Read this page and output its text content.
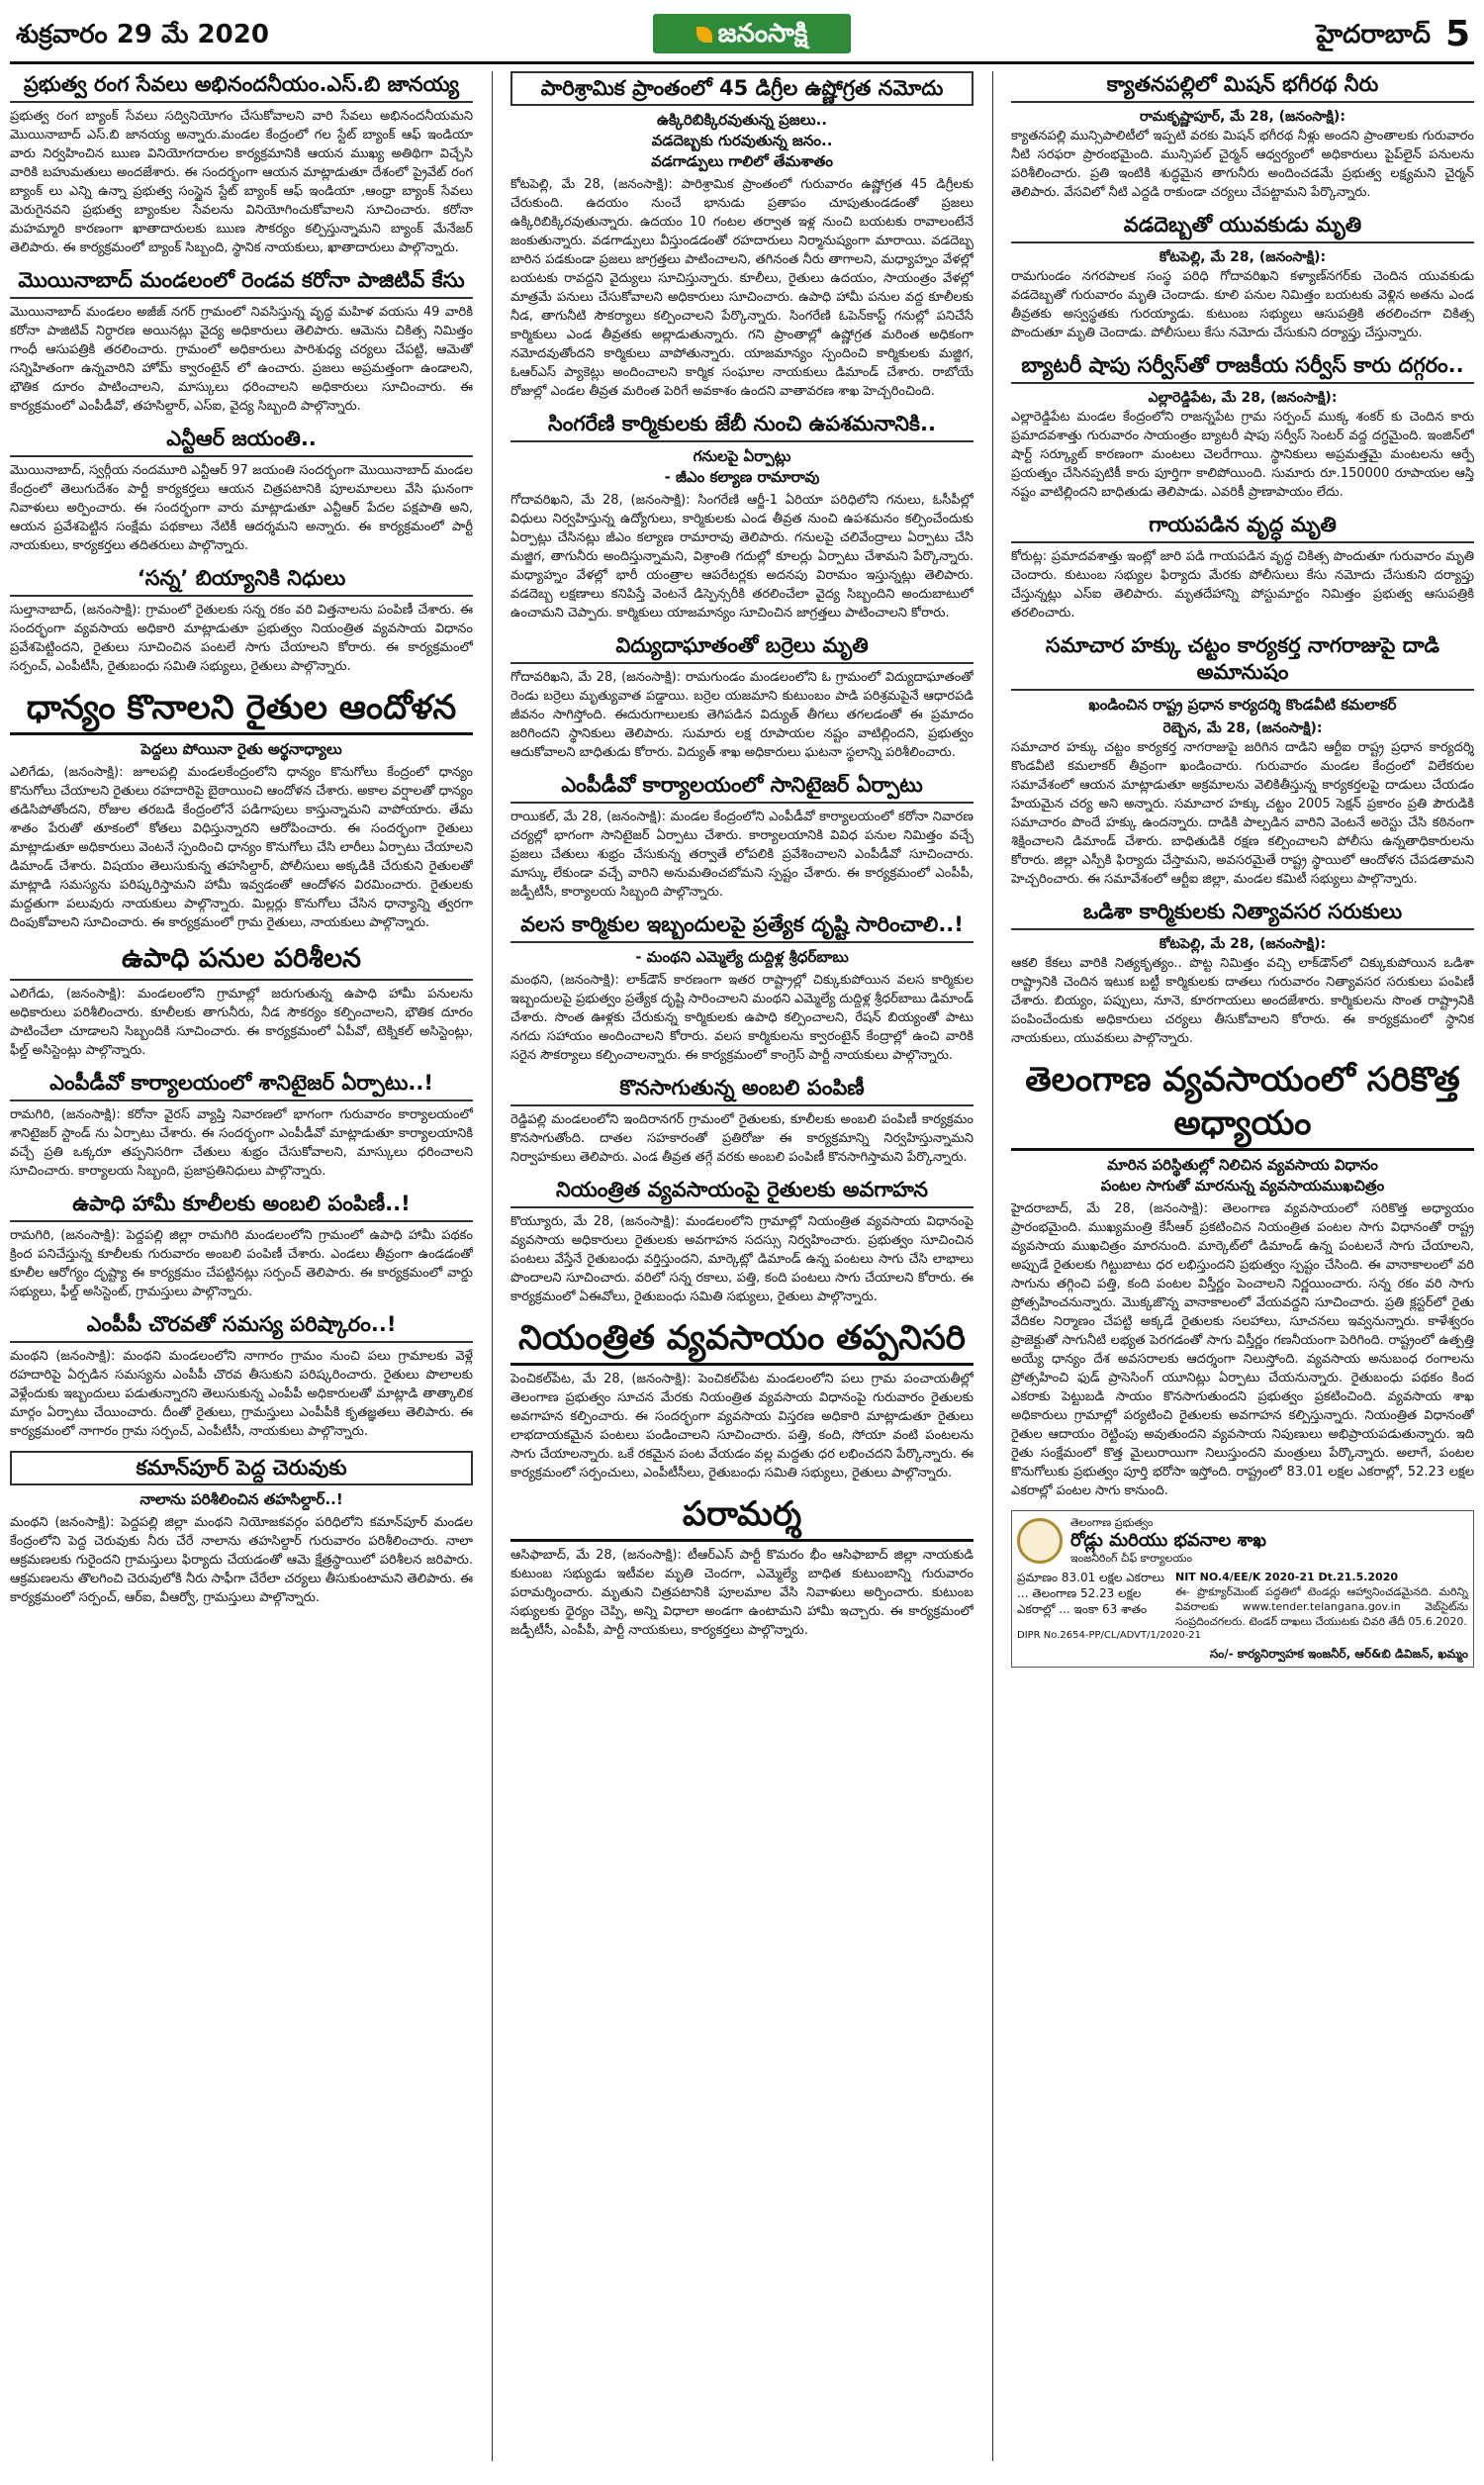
శుక్రవారం 29 మే 2020	జనంసాక్షి	హైదరాబాద్ 5
ప్రభుత్వ రంగ సేవలు అభినందనీయం.ఎస్‌.బి జానయ్య
ప్రభుత్వ రంగ బ్యాంక్ సేవలు సద్వినియోగం చేసుకోవాలని వారి సేవలు అభినందనీయమని మొయినాబాద్ ఎస్.బి జానయ్య అన్నారు.మండల కేంద్రంలో గల స్టేట్ బ్యాంక్ ఆఫ్ ఇండియా వారు నిర్వహించిన ఋణ వినియోగదారుల కార్యక్రమానికి ఆయన ముఖ్య అతిథిగా విచ్చేసి వారికి బహుమతులు అందజేశారు. ఈ సందర్భంగా ఆయన మాట్లాడుతూ దేశంలో ప్రైవేట్ రంగ బ్యాంక్ లు ఎన్ని ఉన్నా ప్రభుత్వ సంస్థైన స్టేట్ బ్యాంక్ ఆఫ్ ఇండియా ,ఆంధ్రా బ్యాంక్ సేవలు మెరుగైనవని ప్రభుత్వ బ్యాంకుల సేవలను వినియోగించుకోవాలని సూచించారు. కరోనా మహమ్మారి కారణంగా ఖాతాదారులకు ఋణ సౌకర్యం కల్పిస్తున్నామని బ్యాంక్ మేనేజర్ తెలిపారు. ఈ కార్యక్రమంలో బ్యాంక్ సిబ్బంది, స్థానిక నాయకులు, ఖాతాదారులు పాల్గొన్నారు.
మొయినాబాద్ మండలంలో రెండవ కరోనా పాజిటివ్ కేసు
మొయినాబాద్ మండలం అజీజ్ నగర్ గ్రామంలో నివసిస్తున్న వృద్ధ మహిళ వయసు 49 వారికి కరోనా పాజిటివ్ నిర్ధారణ అయినట్లు వైద్య అధికారులు తెలిపారు. ఆమెను చికిత్స నిమిత్తం గాంధీ ఆసుపత్రికి తరలించారు. గ్రామంలో అధికారులు పారిశుధ్య చర్యలు చేపట్టి, ఆమెతో సన్నిహితంగా ఉన్నవారిని హోమ్ క్వారంటైన్ లో ఉంచారు. ప్రజలు అప్రమత్తంగా ఉండాలని, భౌతిక దూరం పాటించాలని, మాస్కులు ధరించాలని అధికారులు సూచించారు. ఈ కార్యక్రమంలో ఎంపీడీవో, తహసిల్దార్, ఎస్ఐ, వైద్య సిబ్బంది పాల్గొన్నారు.
ఎన్టీఆర్ జయంతి..
మొయినాబాద్, స్వర్గీయ నందమూరి ఎన్టీఆర్ 97 జయంతి సందర్భంగా మొయినాబాద్ మండల కేంద్రంలో తెలుగుదేశం పార్టీ కార్యకర్తలు ఆయన చిత్రపటానికి పూలమాలలు వేసి ఘనంగా నివాళులు అర్పించారు. ఈ సందర్భంగా వారు మాట్లాడుతూ ఎన్టీఆర్ పేదల పక్షపాతి అని, ఆయన ప్రవేశపెట్టిన సంక్షేమ పథకాలు నేటికీ ఆదర్శమని అన్నారు. ఈ కార్యక్రమంలో పార్టీ నాయకులు, కార్యకర్తలు తదితరులు పాల్గొన్నారు.
‘సన్న’ బియ్యానికి నిధులు
సుల్తానాబాద్, (జనంసాక్షి): గ్రామంలో రైతులకు సన్న రకం వరి విత్తనాలను పంపిణీ చేశారు. ఈ సందర్భంగా వ్యవసాయ అధికారి మాట్లాడుతూ ప్రభుత్వం నియంత్రిత వ్యవసాయ విధానం ప్రవేశపెట్టిందని, రైతులు సూచించిన పంటలే సాగు చేయాలని కోరారు. ఈ కార్యక్రమంలో సర్పంచ్, ఎంపీటీసీ, రైతుబంధు సమితి సభ్యులు, రైతులు పాల్గొన్నారు.
ధాన్యం కొనాలని రైతుల ఆందోళన
పెద్దలు పోయినా రైతు అర్థనాధ్యాలు
ఎలిగేడు, (జనంసాక్షి): జూలపల్లి మండలకేంద్రంలోని ధాన్యం కొనుగోలు కేంద్రంలో ధాన్యం కొనుగోలు చేయాలని రైతులు రహదారిపై బైఠాయించి ఆందోళన చేశారు. అకాల వర్షాలతో ధాన్యం తడిసిపోతోందని, రోజుల తరబడి కేంద్రంలోనే పడిగాపులు కాస్తున్నామని వాపోయారు. తేమ శాతం పేరుతో తూకంలో కోతలు విధిస్తున్నారని ఆరోపించారు. ఈ సందర్భంగా రైతులు మాట్లాడుతూ అధికారులు వెంటనే స్పందించి ధాన్యం కొనుగోలు చేసి లారీలు ఏర్పాటు చేయాలని డిమాండ్ చేశారు. విషయం తెలుసుకున్న తహసిల్దార్, పోలీసులు అక్కడికి చేరుకుని రైతులతో మాట్లాడి సమస్యను పరిష్కరిస్తామని హామీ ఇవ్వడంతో ఆందోళన విరమించారు. రైతులకు మద్దతుగా పలువురు నాయకులు పాల్గొన్నారు. మిల్లర్లు కొనుగోలు చేసిన ధాన్యాన్ని త్వరగా దింపుకోవాలని సూచించారు. ఈ కార్యక్రమంలో గ్రామ రైతులు, నాయకులు పాల్గొన్నారు.
ఉపాధి పనుల పరిశీలన
ఎలిగేడు, (జనంసాక్షి): మండలంలోని గ్రామాల్లో జరుగుతున్న ఉపాధి హామీ పనులను అధికారులు పరిశీలించారు. కూలీలకు తాగునీరు, నీడ సౌకర్యం కల్పించాలని, భౌతిక దూరం పాటించేలా చూడాలని సిబ్బందికి సూచించారు. ఈ కార్యక్రమంలో ఏపీవో, టెక్నికల్ అసిస్టెంట్లు, ఫీల్డ్ అసిస్టెంట్లు పాల్గొన్నారు.
ఎంపీడీవో కార్యాలయంలో శానిటైజర్ ఏర్పాటు..!
రామగిరి, (జనంసాక్షి): కరోనా వైరస్ వ్యాప్తి నివారణలో భాగంగా గురువారం కార్యాలయంలో శానిటైజర్ స్టాండ్ ను ఏర్పాటు చేశారు. ఈ సందర్భంగా ఎంపీడీవో మాట్లాడుతూ కార్యాలయానికి వచ్చే ప్రతి ఒక్కరూ తప్పనిసరిగా చేతులు శుభ్రం చేసుకోవాలని, మాస్కులు ధరించాలని సూచించారు. కార్యాలయ సిబ్బంది, ప్రజాప్రతినిధులు పాల్గొన్నారు.
ఉపాధి హామీ కూలీలకు అంబలి పంపిణీ..!
రామగిరి, (జనంసాక్షి): పెద్దపల్లి జిల్లా రామగిరి మండలంలోని గ్రామంలో ఉపాధి హామీ పథకం క్రింద పనిచేస్తున్న కూలీలకు గురువారం అంబలి పంపిణీ చేశారు. ఎండలు తీవ్రంగా ఉండడంతో కూలీల ఆరోగ్యం దృష్ట్యా ఈ కార్యక్రమం చేపట్టినట్లు సర్పంచ్ తెలిపారు. ఈ కార్యక్రమంలో వార్డు సభ్యులు, ఫీల్డ్ అసిస్టెంట్, గ్రామస్తులు పాల్గొన్నారు.
ఎంపీపీ చొరవతో సమస్య పరిష్కారం..!
మంథని (జనంసాక్షి): మంథని మండలంలోని నాగారం గ్రామం నుంచి పలు గ్రామాలకు వెళ్లే రహదారిపై ఏర్పడిన సమస్యను ఎంపీపీ చొరవ తీసుకుని పరిష్కరించారు. రైతులు పొలాలకు వెళ్లేందుకు ఇబ్బందులు పడుతున్నారని తెలుసుకున్న ఎంపీపీ అధికారులతో మాట్లాడి తాత్కాలిక మార్గం ఏర్పాటు చేయించారు. దీంతో రైతులు, గ్రామస్తులు ఎంపీపీకి కృతజ్ఞతలు తెలిపారు. ఈ కార్యక్రమంలో నాగారం గ్రామ సర్పంచ్, ఎంపీటీసీ, నాయకులు పాల్గొన్నారు.
కమాన్‌పూర్ పెద్ద చెరువుకు
నాలాను పరిశీలించిన తహసిల్దార్..!
మంథని (జనంసాక్షి): పెద్దపల్లి జిల్లా మంథని నియోజకవర్గం పరిధిలోని కమాన్‌పూర్ మండల కేంద్రంలోని పెద్ద చెరువుకు నీరు చేరే నాలాను తహసిల్దార్ గురువారం పరిశీలించారు. నాలా ఆక్రమణలకు గురైందని గ్రామస్తులు ఫిర్యాదు చేయడంతో ఆమె క్షేత్రస్థాయిలో పరిశీలన జరిపారు. ఆక్రమణలను తొలగించి చెరువులోకి నీరు సాఫీగా చేరేలా చర్యలు తీసుకుంటామని తెలిపారు. ఈ కార్యక్రమంలో సర్పంచ్, ఆర్ఐ, వీఆర్వో, గ్రామస్తులు పాల్గొన్నారు.
పారిశ్రామిక ప్రాంతంలో 45 డిగ్రీల ఉష్ణోగ్రత నమోదు
ఉక్కిరిబిక్కిరవుతున్న ప్రజలు..
వడదెబ్బకు గురవుతున్న జనం..
వడగాడ్పులు గాలిలో తేమశాతం
కోటపెల్లి, మే 28, (జనంసాక్షి): పారిశ్రామిక ప్రాంతంలో గురువారం ఉష్ణోగ్రత 45 డిగ్రీలకు చేరుకుంది. ఉదయం నుంచే భానుడు ప్రతాపం చూపుతుండడంతో ప్రజలు ఉక్కిరిబిక్కిరవుతున్నారు. ఉదయం 10 గంటల తర్వాత ఇళ్ల నుంచి బయటకు రావాలంటేనే జంకుతున్నారు. వడగాడ్పులు వీస్తుండడంతో రహదారులు నిర్మానుష్యంగా మారాయి. వడదెబ్బ బారిన పడకుండా ప్రజలు జాగ్రత్తలు పాటించాలని, తగినంత నీరు తాగాలని, మధ్యాహ్నం వేళల్లో బయటకు రావద్దని వైద్యులు సూచిస్తున్నారు. కూలీలు, రైతులు ఉదయం, సాయంత్రం వేళల్లో మాత్రమే పనులు చేసుకోవాలని అధికారులు సూచించారు. ఉపాధి హామీ పనుల వద్ద కూలీలకు నీడ, తాగునీటి సౌకర్యాలు కల్పించాలని పేర్కొన్నారు. సింగరేణి ఓపెన్‌కాస్ట్ గనుల్లో పనిచేసే కార్మికులు ఎండ తీవ్రతకు అల్లాడుతున్నారు. గని ప్రాంతాల్లో ఉష్ణోగ్రత మరింత అధికంగా నమోదవుతోందని కార్మికులు వాపోతున్నారు. యాజమాన్యం స్పందించి కార్మికులకు మజ్జిగ, ఓఆర్ఎస్ ప్యాకెట్లు అందించాలని కార్మిక సంఘాల నాయకులు డిమాండ్ చేశారు. రాబోయే రోజుల్లో ఎండల తీవ్రత మరింత పెరిగే అవకాశం ఉందని వాతావరణ శాఖ హెచ్చరించింది.
సింగరేణి కార్మికులకు జేబీ నుంచి ఉపశమనానికి..
గనులపై ఏర్పాట్లు
- జీఎం కల్యాణ రామారావు
గోదావరిఖని, మే 28, (జనంసాక్షి): సింగరేణి ఆర్జీ-1 ఏరియా పరిధిలోని గనులు, ఓసీపీల్లో విధులు నిర్వహిస్తున్న ఉద్యోగులు, కార్మికులకు ఎండ తీవ్రత నుంచి ఉపశమనం కల్పించేందుకు ఏర్పాట్లు చేసినట్లు జీఎం కల్యాణ రామారావు తెలిపారు. గనులపై చలివేంద్రాలు ఏర్పాటు చేసి మజ్జిగ, తాగునీరు అందిస్తున్నామని, విశ్రాంతి గదుల్లో కూలర్లు ఏర్పాటు చేశామని పేర్కొన్నారు. మధ్యాహ్నం వేళల్లో భారీ యంత్రాల ఆపరేటర్లకు అదనపు విరామం ఇస్తున్నట్లు తెలిపారు. వడదెబ్బ లక్షణాలు కనిపిస్తే వెంటనే డిస్పెన్సరీకి తరలించేలా వైద్య సిబ్బందిని అందుబాటులో ఉంచామని చెప్పారు. కార్మికులు యాజమాన్యం సూచించిన జాగ్రత్తలు పాటించాలని కోరారు.
విద్యుదాఘాతంతో బర్రెలు మృతి
గోదావరిఖని, మే 28, (జనంసాక్షి): రామగుండం మండలంలోని ఓ గ్రామంలో విద్యుదాఘాతంతో రెండు బర్రెలు మృత్యువాత పడ్డాయి. బర్రెల యజమాని కుటుంబం పాడి పరిశ్రమపైనే ఆధారపడి జీవనం సాగిస్తోంది. ఈదురుగాలులకు తెగిపడిన విద్యుత్ తీగలు తగలడంతో ఈ ప్రమాదం జరిగిందని స్థానికులు తెలిపారు. సుమారు లక్ష రూపాయల నష్టం వాటిల్లిందని, ప్రభుత్వం ఆదుకోవాలని బాధితుడు కోరారు. విద్యుత్ శాఖ అధికారులు ఘటనా స్థలాన్ని పరిశీలించారు.
ఎంపీడీవో కార్యాలయంలో సానిటైజర్ ఏర్పాటు
రాయికల్, మే 28, (జనంసాక్షి): మండల కేంద్రంలోని ఎంపీడీవో కార్యాలయంలో కరోనా నివారణ చర్యల్లో భాగంగా సానిటైజర్ ఏర్పాటు చేశారు. కార్యాలయానికి వివిధ పనుల నిమిత్తం వచ్చే ప్రజలు చేతులు శుభ్రం చేసుకున్న తర్వాతే లోపలికి ప్రవేశించాలని ఎంపీడీవో సూచించారు. మాస్కు లేకుండా వచ్చే వారిని అనుమతించబోమని స్పష్టం చేశారు. ఈ కార్యక్రమంలో ఎంపీపీ, జడ్పీటీసీ, కార్యాలయ సిబ్బంది పాల్గొన్నారు.
వలస కార్మికుల ఇబ్బందులపై ప్రత్యేక దృష్టి సారించాలి..!
- మంథని ఎమ్మెల్యే దుద్దిళ్ల శ్రీధర్‌బాబు
మంథని, (జనంసాక్షి): లాక్‌డౌన్ కారణంగా ఇతర రాష్ట్రాల్లో చిక్కుకుపోయిన వలస కార్మికుల ఇబ్బందులపై ప్రభుత్వం ప్రత్యేక దృష్టి సారించాలని మంథని ఎమ్మెల్యే దుద్దిళ్ల శ్రీధర్‌బాబు డిమాండ్ చేశారు. సొంత ఊళ్లకు చేరుకున్న కార్మికులకు ఉపాధి కల్పించాలని, రేషన్ బియ్యంతో పాటు నగదు సహాయం అందించాలని కోరారు. వలస కార్మికులను క్వారంటైన్ కేంద్రాల్లో ఉంచి వారికి సరైన సౌకర్యాలు కల్పించాలన్నారు. ఈ కార్యక్రమంలో కాంగ్రెస్ పార్టీ నాయకులు పాల్గొన్నారు.
కొనసాగుతున్న అంబలి పంపిణీ
రెడ్డిపల్లి మండలంలోని ఇందిరానగర్ గ్రామంలో రైతులకు, కూలీలకు అంబలి పంపిణీ కార్యక్రమం కొనసాగుతోంది. దాతల సహకారంతో ప్రతిరోజు ఈ కార్యక్రమాన్ని నిర్వహిస్తున్నామని నిర్వాహకులు తెలిపారు. ఎండ తీవ్రత తగ్గే వరకు అంబలి పంపిణీ కొనసాగిస్తామని పేర్కొన్నారు.
నియంత్రిత వ్యవసాయంపై రైతులకు అవగాహన
కొయ్యూరు, మే 28, (జనంసాక్షి): మండలంలోని గ్రామాల్లో నియంత్రిత వ్యవసాయ విధానంపై వ్యవసాయ అధికారులు రైతులకు అవగాహన సదస్సు నిర్వహించారు. ప్రభుత్వం సూచించిన పంటలు వేస్తేనే రైతుబంధు వర్తిస్తుందని, మార్కెట్లో డిమాండ్ ఉన్న పంటలు సాగు చేసి లాభాలు పొందాలని సూచించారు. వరిలో సన్న రకాలు, పత్తి, కంది పంటలు సాగు చేయాలని కోరారు. ఈ కార్యక్రమంలో ఏఈవోలు, రైతుబంధు సమితి సభ్యులు, రైతులు పాల్గొన్నారు.
నియంత్రిత వ్యవసాయం తప్పనిసరి
పెంచికల్‌పేట, మే 28, (జనంసాక్షి): పెంచికల్‌పేట మండలంలోని పలు గ్రామ పంచాయతీల్లో తెలంగాణ ప్రభుత్వం సూచన మేరకు నియంత్రిత వ్యవసాయ విధానంపై గురువారం రైతులకు అవగాహన కల్పించారు. ఈ సందర్భంగా వ్యవసాయ విస్తరణ అధికారి మాట్లాడుతూ రైతులు లాభదాయకమైన పంటలు పండించాలని సూచించారు. పత్తి, కంది, సోయా వంటి పంటలను సాగు చేయాలన్నారు. ఒకే రకమైన పంట వేయడం వల్ల మద్దతు ధర లభించదని పేర్కొన్నారు. ఈ కార్యక్రమంలో సర్పంచులు, ఎంపీటీసీలు, రైతుబంధు సమితి సభ్యులు, రైతులు పాల్గొన్నారు.
పరామర్శ
ఆసిఫాబాద్, మే 28, (జనంసాక్షి): టీఆర్ఎస్ పార్టీ కొమరం భీం ఆసిఫాబాద్ జిల్లా నాయకుడి కుటుంబ సభ్యుడు ఇటీవల మృతి చెందగా, ఎమ్మెల్యే బాధిత కుటుంబాన్ని గురువారం పరామర్శించారు. మృతుని చిత్రపటానికి పూలమాల వేసి నివాళులు అర్పించారు. కుటుంబ సభ్యులకు ధైర్యం చెప్పి, అన్ని విధాలా అండగా ఉంటామని హామీ ఇచ్చారు. ఈ కార్యక్రమంలో జడ్పీటీసీ, ఎంపీపీ, పార్టీ నాయకులు, కార్యకర్తలు పాల్గొన్నారు.
క్యాతనపల్లిలో మిషన్ భగీరథ నీరు
రామకృష్ణాపూర్, మే 28, (జనంసాక్షి):
క్యాతనపల్లి మున్సిపాలిటీలో ఇప్పటి వరకు మిషన్ భగీరథ నీళ్లు అందని ప్రాంతాలకు గురువారం నీటి సరఫరా ప్రారంభమైంది. మున్సిపల్ చైర్మన్ ఆధ్వర్యంలో అధికారులు పైప్‌లైన్ పనులను పరిశీలించారు. ప్రతి ఇంటికి శుద్ధమైన తాగునీరు అందించడమే ప్రభుత్వ లక్ష్యమని చైర్మన్ తెలిపారు. వేసవిలో నీటి ఎద్దడి రాకుండా చర్యలు చేపట్టామని పేర్కొన్నారు.
వడదెబ్బతో యువకుడు మృతి
కోటపెల్లి, మే 28, (జనంసాక్షి):
రామగుండం నగరపాలక సంస్థ పరిధి గోదావరిఖని కళ్యాణ్‌నగర్‌కు చెందిన యువకుడు వడదెబ్బతో గురువారం మృతి చెందాడు. కూలి పనుల నిమిత్తం బయటకు వెళ్లిన అతను ఎండ తీవ్రతకు అస్వస్థతకు గురయ్యాడు. కుటుంబ సభ్యులు ఆసుపత్రికి తరలించగా చికిత్స పొందుతూ మృతి చెందాడు. పోలీసులు కేసు నమోదు చేసుకుని దర్యాప్తు చేస్తున్నారు.
బ్యాటరీ షాపు సర్వీస్‌తో రాజకీయ సర్వీస్ కారు దగ్గరం..
ఎల్లారెడ్డిపేట, మే 28, (జనంసాక్షి):
ఎల్లారెడ్డిపేట మండల కేంద్రంలోని రాజన్నపేట గ్రామ సర్పంచ్ ముక్క శంకర్ కు చెందిన కారు ప్రమాదవశాత్తు గురువారం సాయంత్రం బ్యాటరీ షాపు సర్వీస్ సెంటర్ వద్ద దగ్ధమైంది. ఇంజిన్‌లో షార్ట్ సర్క్యూట్ కారణంగా మంటలు చెలరేగాయి. స్థానికులు అప్రమత్తమై మంటలను ఆర్పే ప్రయత్నం చేసినప్పటికీ కారు పూర్తిగా కాలిపోయింది. సుమారు రూ.150000 రూపాయల ఆస్తి నష్టం వాటిల్లిందని బాధితుడు తెలిపాడు. ఎవరికీ ప్రాణాపాయం లేదు.
గాయపడిన వృద్ధ మృతి
కోరుట్ల: ప్రమాదవశాత్తు ఇంట్లో జారి పడి గాయపడిన వృద్ధ చికిత్స పొందుతూ గురువారం మృతి చెందారు. కుటుంబ సభ్యుల ఫిర్యాదు మేరకు పోలీసులు కేసు నమోదు చేసుకుని దర్యాప్తు చేస్తున్నట్లు ఎస్ఐ తెలిపారు. మృతదేహాన్ని పోస్టుమార్టం నిమిత్తం ప్రభుత్వ ఆసుపత్రికి తరలించారు.
సమాచార హక్కు చట్టం కార్యకర్త నాగరాజుపై దాడి అమానుషం
ఖండించిన రాష్ట్ర ప్రధాన కార్యదర్శి కొండవీటి కమలాకర్
రెబ్బెన, మే 28, (జనంసాక్షి):
సమాచార హక్కు చట్టం కార్యకర్త నాగరాజుపై జరిగిన దాడిని ఆర్టీఐ రాష్ట్ర ప్రధాన కార్యదర్శి కొండవీటి కమలాకర్ తీవ్రంగా ఖండించారు. గురువారం మండల కేంద్రంలో విలేకరుల సమావేశంలో ఆయన మాట్లాడుతూ అక్రమాలను వెలికితీస్తున్న కార్యకర్తలపై దాడులు చేయడం హేయమైన చర్య అని అన్నారు. సమాచార హక్కు చట్టం 2005 సెక్షన్ ప్రకారం ప్రతి పౌరుడికి సమాచారం పొందే హక్కు ఉందన్నారు. దాడికి పాల్పడిన వారిని వెంటనే అరెస్టు చేసి కఠినంగా శిక్షించాలని డిమాండ్ చేశారు. బాధితుడికి రక్షణ కల్పించాలని పోలీసు ఉన్నతాధికారులను కోరారు. జిల్లా ఎస్పీకి ఫిర్యాదు చేస్తామని, అవసరమైతే రాష్ట్ర స్థాయిలో ఆందోళన చేపడతామని హెచ్చరించారు. ఈ సమావేశంలో ఆర్టీఐ జిల్లా, మండల కమిటీ సభ్యులు పాల్గొన్నారు.
ఒడిశా కార్మికులకు నిత్యావసర సరుకులు
కోటపెల్లి, మే 28, (జనంసాక్షి):
ఆకలి కేకలు వారికి నిత్యకృత్యం.. పొట్ట నిమిత్తం వచ్చి లాక్‌డౌన్‌లో చిక్కుకుపోయిన ఒడిశా రాష్ట్రానికి చెందిన ఇటుక బట్టీ కార్మికులకు దాతలు గురువారం నిత్యావసర సరుకులు పంపిణీ చేశారు. బియ్యం, పప్పులు, నూనె, కూరగాయలు అందజేశారు. కార్మికులను సొంత రాష్ట్రానికి పంపించేందుకు అధికారులు చర్యలు తీసుకోవాలని కోరారు. ఈ కార్యక్రమంలో స్థానిక నాయకులు, యువకులు పాల్గొన్నారు.
తెలంగాణ వ్యవసాయంలో సరికొత్త అధ్యాయం
మారిన పరిస్థితుల్లో నిలిచిన వ్యవసాయ విధానం
పంటల సాగుతో మారనున్న వ్యవసాయముఖచిత్రం
హైదరాబాద్, మే 28, (జనంసాక్షి): తెలంగాణ వ్యవసాయంలో సరికొత్త అధ్యాయం ప్రారంభమైంది. ముఖ్యమంత్రి కేసీఆర్ ప్రకటించిన నియంత్రిత పంటల సాగు విధానంతో రాష్ట్ర వ్యవసాయ ముఖచిత్రం మారనుంది. మార్కెట్‌లో డిమాండ్ ఉన్న పంటలనే సాగు చేయాలని, అప్పుడే రైతులకు గిట్టుబాటు ధర లభిస్తుందని ప్రభుత్వం స్పష్టం చేసింది. ఈ వానాకాలంలో వరి సాగును తగ్గించి పత్తి, కంది పంటల విస్తీర్ణం పెంచాలని నిర్ణయించారు. సన్న రకం వరి సాగు ప్రోత్సహించనున్నారు. మొక్కజొన్న వానాకాలంలో వేయవద్దని సూచించారు. ప్రతి క్లస్టర్‌లో రైతు వేదికల నిర్మాణం చేపట్టి అక్కడే రైతులకు సలహాలు, సూచనలు ఇవ్వనున్నారు. కాళేశ్వరం ప్రాజెక్టుతో సాగునీటి లభ్యత పెరగడంతో సాగు విస్తీర్ణం గణనీయంగా పెరిగింది. రాష్ట్రంలో ఉత్పత్తి అయ్యే ధాన్యం దేశ అవసరాలకు ఆదర్శంగా నిలుస్తోంది. వ్యవసాయ అనుబంధ రంగాలను ప్రోత్సహించి ఫుడ్ ప్రాసెసింగ్ యూనిట్లు ఏర్పాటు చేయనున్నారు. రైతుబంధు పథకం కింద ఎకరాకు పెట్టుబడి సాయం కొనసాగుతుందని ప్రభుత్వం ప్రకటించింది. వ్యవసాయ శాఖ అధికారులు గ్రామాల్లో పర్యటించి రైతులకు అవగాహన కల్పిస్తున్నారు. నియంత్రిత విధానంతో రైతుల ఆదాయం రెట్టింపు అవుతుందని వ్యవసాయ నిపుణులు అభిప్రాయపడుతున్నారు. ఇది రైతు సంక్షేమంలో కొత్త మైలురాయిగా నిలుస్తుందని మంత్రులు పేర్కొన్నారు. అలాగే, పంటల కొనుగోలుకు ప్రభుత్వం పూర్తి భరోసా ఇస్తోంది. రాష్ట్రంలో 83.01 లక్షల ఎకరాల్లో, 52.23 లక్షల ఎకరాల్లో పంటల సాగు కానుంది.
తెలంగాణ ప్రభుత్వం
రోడ్లు మరియు భవనాల శాఖ
ఇంజనీరింగ్ చీఫ్ కార్యాలయం
ప్రమాణం 83.01 లక్షల ఎకరాలు ... తెలంగాణ 52.23 లక్షల ఎకరాల్లో ... ఇంకా 63 శాతం
NIT NO.4/EE/K 2020-21 Dt.21.5.2020
ఈ- ప్రొక్యూర్‌మెంట్ పద్ధతిలో టెండర్లు ఆహ్వానించడమైనది. మరిన్ని వివరాలకు www.tender.telangana.gov.in వెబ్‌సైట్‌ను సంప్రదించగలరు. టెండర్ దాఖలు చేయుటకు చివరి తేదీ 05.6.2020.
DIPR No.2654-PP/CL/ADVT/1/2020-21
సం/- కార్యనిర్వాహక ఇంజనీర్, ఆర్&బి డివిజన్, ఖమ్మం
